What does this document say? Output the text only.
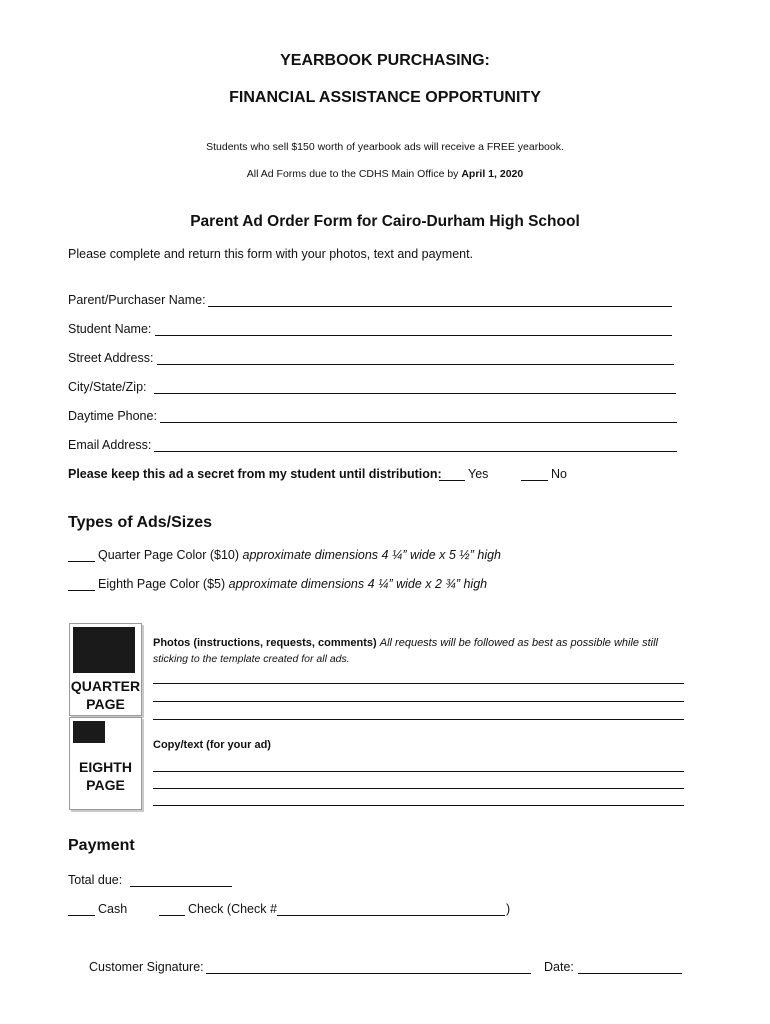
YEARBOOK PURCHASING:
FINANCIAL ASSISTANCE OPPORTUNITY
Students who sell $150 worth of yearbook ads will receive a FREE yearbook.
All Ad Forms due to the CDHS Main Office by April 1, 2020
Parent Ad Order Form for Cairo-Durham High School
Please complete and return this form with your photos, text and payment.
Parent/Purchaser Name:
Student Name:
Street Address:
City/State/Zip:
Daytime Phone:
Email Address:
Please keep this ad a secret from my student until distribution: Yes	No
Types of Ads/Sizes
Quarter Page Color ($10) approximate dimensions 4 ¼” wide x 5 ½” high
Eighth Page Color ($5) approximate dimensions 4 ¼” wide x 2 ¾” high
QUARTER
PAGE
EIGHTH
PAGE
Photos (instructions, requests, comments) All requests will be followed as best as possible while still
sticking to the template created for all ads.
Copy/text (for your ad)
Payment
Total due:
Cash	Check (Check #	)
Customer Signature:	Date:
